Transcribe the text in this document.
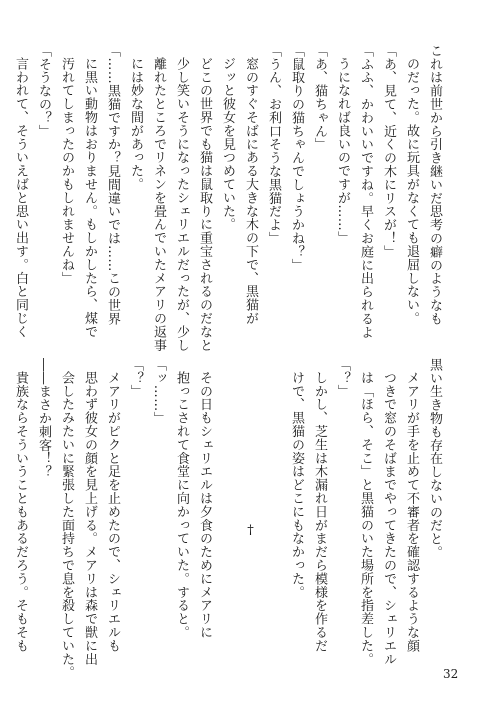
これは前世から引き継いだ思考の癖のようなも
のだった。故に玩具がなくても退屈しない。
「あ、見て、近くの木にリスが！」
「ふふ、かわいいですね。早くお庭に出られるよ
うになれば良いのですが……」
「あ、猫ちゃん」
「鼠取りの猫ちゃんでしょうかね？」
「うん、お利口そうな黒猫だよ」
窓のすぐそばにある大きな木の下で、黒猫が
ジッと彼女を見つめていた。
どこの世界でも猫は鼠取りに重宝されるのだなと
少し笑いそうになったシェリエルだったが、少し
離れたところでリネンを畳んでいたメアリの返事
には妙な間があった。
「……黒猫ですか？見間違いでは……この世界
に黒い動物はおりません。もしかしたら、煤で
汚れてしまったのかもしれませんね」
「そうなの？」
言われて、そういえばと思い出す。白と同じく
黒い生き物も存在しないのだと。
メアリが手を止めて不審者を確認するような顔
つきで窓のそばまでやってきたので、シェリエル
は「ほら、そこ」と黒猫のいた場所を指差した。
「？」
しかし、芝生は木漏れ日がまだら模様を作るだ
けで、黒猫の姿はどこにもなかった。
†
その日もシェリエルは夕食のためにメアリに
抱っこされて食堂に向かっていた。すると。
「ッ……」
「？」
メアリがピクと足を止めたので、シェリエルも
思わず彼女の顔を見上げる。メアリは森で獣に出
会したみたいに緊張した面持ちで息を殺していた。
――まさか刺客！？
貴族ならそういうこともあるだろう。そもそも
32
